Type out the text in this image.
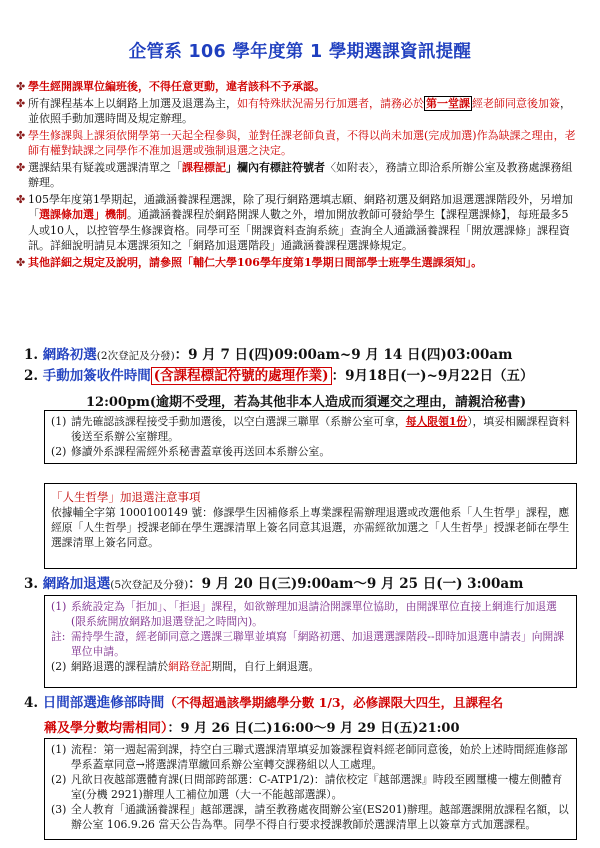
企管系 106 學年度第 1 學期選課資訊提醒
✤ 學生經開課單位編班後，不得任意更動，違者該科不予承認。
✤ 所有課程基本上以網路上加選及退選為主，如有特殊狀況需另行加選者，請務必於 第一堂課 經老師同意後加簽，並依照手動加選時間及規定辦理。
✤ 學生修課與上課須依開學第一天起全程參與，並對任課老師負責，不得以尚未加選(完成加選)作為缺課之理由，老師有權對缺課之同學作不准加退選或強制退選之決定。
✤ 選課結果有疑義或選課清單之「課程標記」欄內有標註符號者〈如附表〉，務請立即洽系所辦公室及教務處課務組辦理。
✤ 105學年度第1學期起，通識涵養課程選課，除了現行網路選填志願、網路初選及網路加退選選課階段外，另增加「選課條加選」機制。通識涵養課程於網路開課人數之外，增加開放教師可發給學生【課程選課條】，每班最多5人或10人，以控管學生修課資格。同學可至「開課資料查詢系統」查詢全人通識涵養課程「開放選課條」課程資訊。詳細說明請見本選課須知之「網路加退選階段」通識涵養課程選課條規定。
✤ 其他詳細之規定及說明，請參照「輔仁大學106學年度第1學期日間部學士班學生選課須知」。
1. 網路初選(2次登記及分發)：9 月 7 日(四)09:00am~9 月 14 日(四)03:00am
2. 手動加簽收件時間 (含課程標記符號的處理作業) ：9月18日(一)~9月22日（五）
12:00pm(逾期不受理，若為其他非本人造成而須遲交之理由，請親洽秘書)
(1) 請先確認該課程接受手動加選後，以空白選課三聯單（系辦公室可拿，每人限領1份），填妥相關課程資料後送至系辦公室辦理。
(2) 修讀外系課程需經外系秘書蓋章後再送回本系辦公室。
「人生哲學」加退選注意事項
依據輔全字第 1000100149 號：修課學生因補修系上專業課程需辦理退選或改選他系「人生哲學」課程，應經原「人生哲學」授課老師在學生選課清單上簽名同意其退選，亦需經欲加選之「人生哲學」授課老師在學生選課清單上簽名同意。
3. 網路加退選(5次登記及分發)：9 月 20 日(三)9:00am～9 月 25 日(一) 3:00am
(1) 系統設定為「拒加」、「拒退」課程，如欲辦理加退請洽開課單位協助，由開課單位直接上網進行加退選(限系統開放網路加退選登記之時間內)。
註: 需持學生證，經老師同意之選課三聯單並填寫「網路初選、加退選選課階段--即時加退選申請表」向開課單位申請。
(2) 網路退選的課程請於網路登記期間，自行上網退選。
4. 日間部選進修部時間（不得超過該學期總學分數 1/3，必修課限大四生，且課程名
稱及學分數均需相同）：9 月 26 日(二)16:00～9 月 29 日(五)21:00
(1) 流程：第一週起需到課，持空白三聯式選課清單填妥加簽課程資料經老師同意後，始於上述時間經進修部學系蓋章同意→將選課清單繳回系辦公室轉交課務組以人工處理。
(2) 凡欲日夜越部選體育課(日間部跨部選：C-ATP1/2)：請依校定『越部選課』時段至國璽樓一樓左側體育室(分機 2921)辦理人工補位加選（大一不能越部選課）。
(3) 全人教育「通識涵養課程」越部選課，請至教務處夜間辦公室(ES201)辦理。越部選課開放課程名額，以辦公室 106.9.26 當天公告為準。同學不得自行要求授課教師於選課清單上以簽章方式加選課程。
